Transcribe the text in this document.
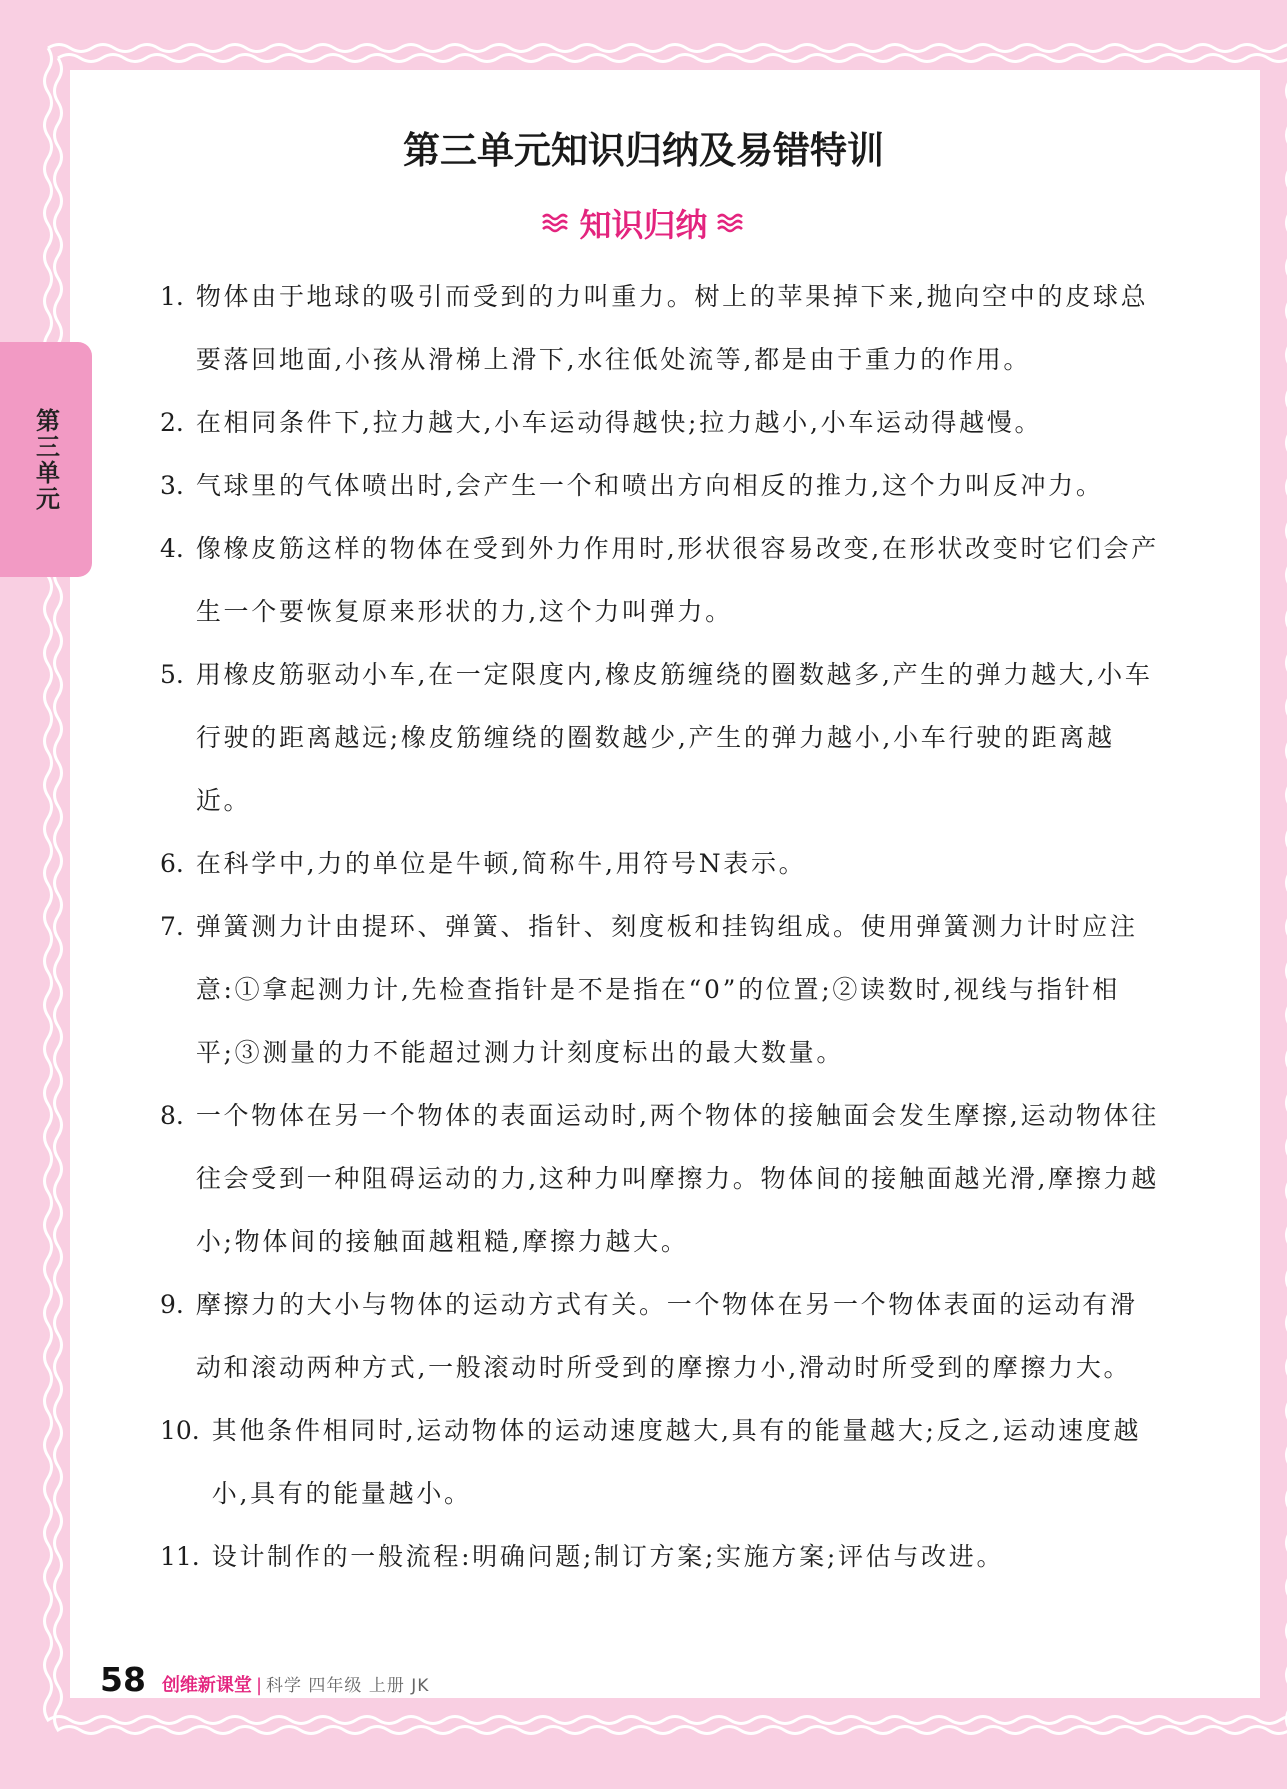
第三单元
第三单元知识归纳及易错特训
知识归纳
1. 物体由于地球的吸引而受到的力叫重力。树上的苹果掉下来,抛向空中的皮球总要落回地面,小孩从滑梯上滑下,水往低处流等,都是由于重力的作用。
2. 在相同条件下,拉力越大,小车运动得越快;拉力越小,小车运动得越慢。
3. 气球里的气体喷出时,会产生一个和喷出方向相反的推力,这个力叫反冲力。
4. 像橡皮筋这样的物体在受到外力作用时,形状很容易改变,在形状改变时它们会产生一个要恢复原来形状的力,这个力叫弹力。
5. 用橡皮筋驱动小车,在一定限度内,橡皮筋缠绕的圈数越多,产生的弹力越大,小车行驶的距离越远;橡皮筋缠绕的圈数越少,产生的弹力越小,小车行驶的距离越近。
6. 在科学中,力的单位是牛顿,简称牛,用符号N表示。
7. 弹簧测力计由提环、弹簧、指针、刻度板和挂钩组成。使用弹簧测力计时应注意:①拿起测力计,先检查指针是不是指在“0”的位置;②读数时,视线与指针相平;③测量的力不能超过测力计刻度标出的最大数量。
8. 一个物体在另一个物体的表面运动时,两个物体的接触面会发生摩擦,运动物体往往会受到一种阻碍运动的力,这种力叫摩擦力。物体间的接触面越光滑,摩擦力越小;物体间的接触面越粗糙,摩擦力越大。
9. 摩擦力的大小与物体的运动方式有关。一个物体在另一个物体表面的运动有滑动和滚动两种方式,一般滚动时所受到的摩擦力小,滑动时所受到的摩擦力大。
10. 其他条件相同时,运动物体的运动速度越大,具有的能量越大;反之,运动速度越小,具有的能量越小。
11. 设计制作的一般流程:明确问题;制订方案;实施方案;评估与改进。
58 创维新课堂 | 科学 四年级 上册 JK
